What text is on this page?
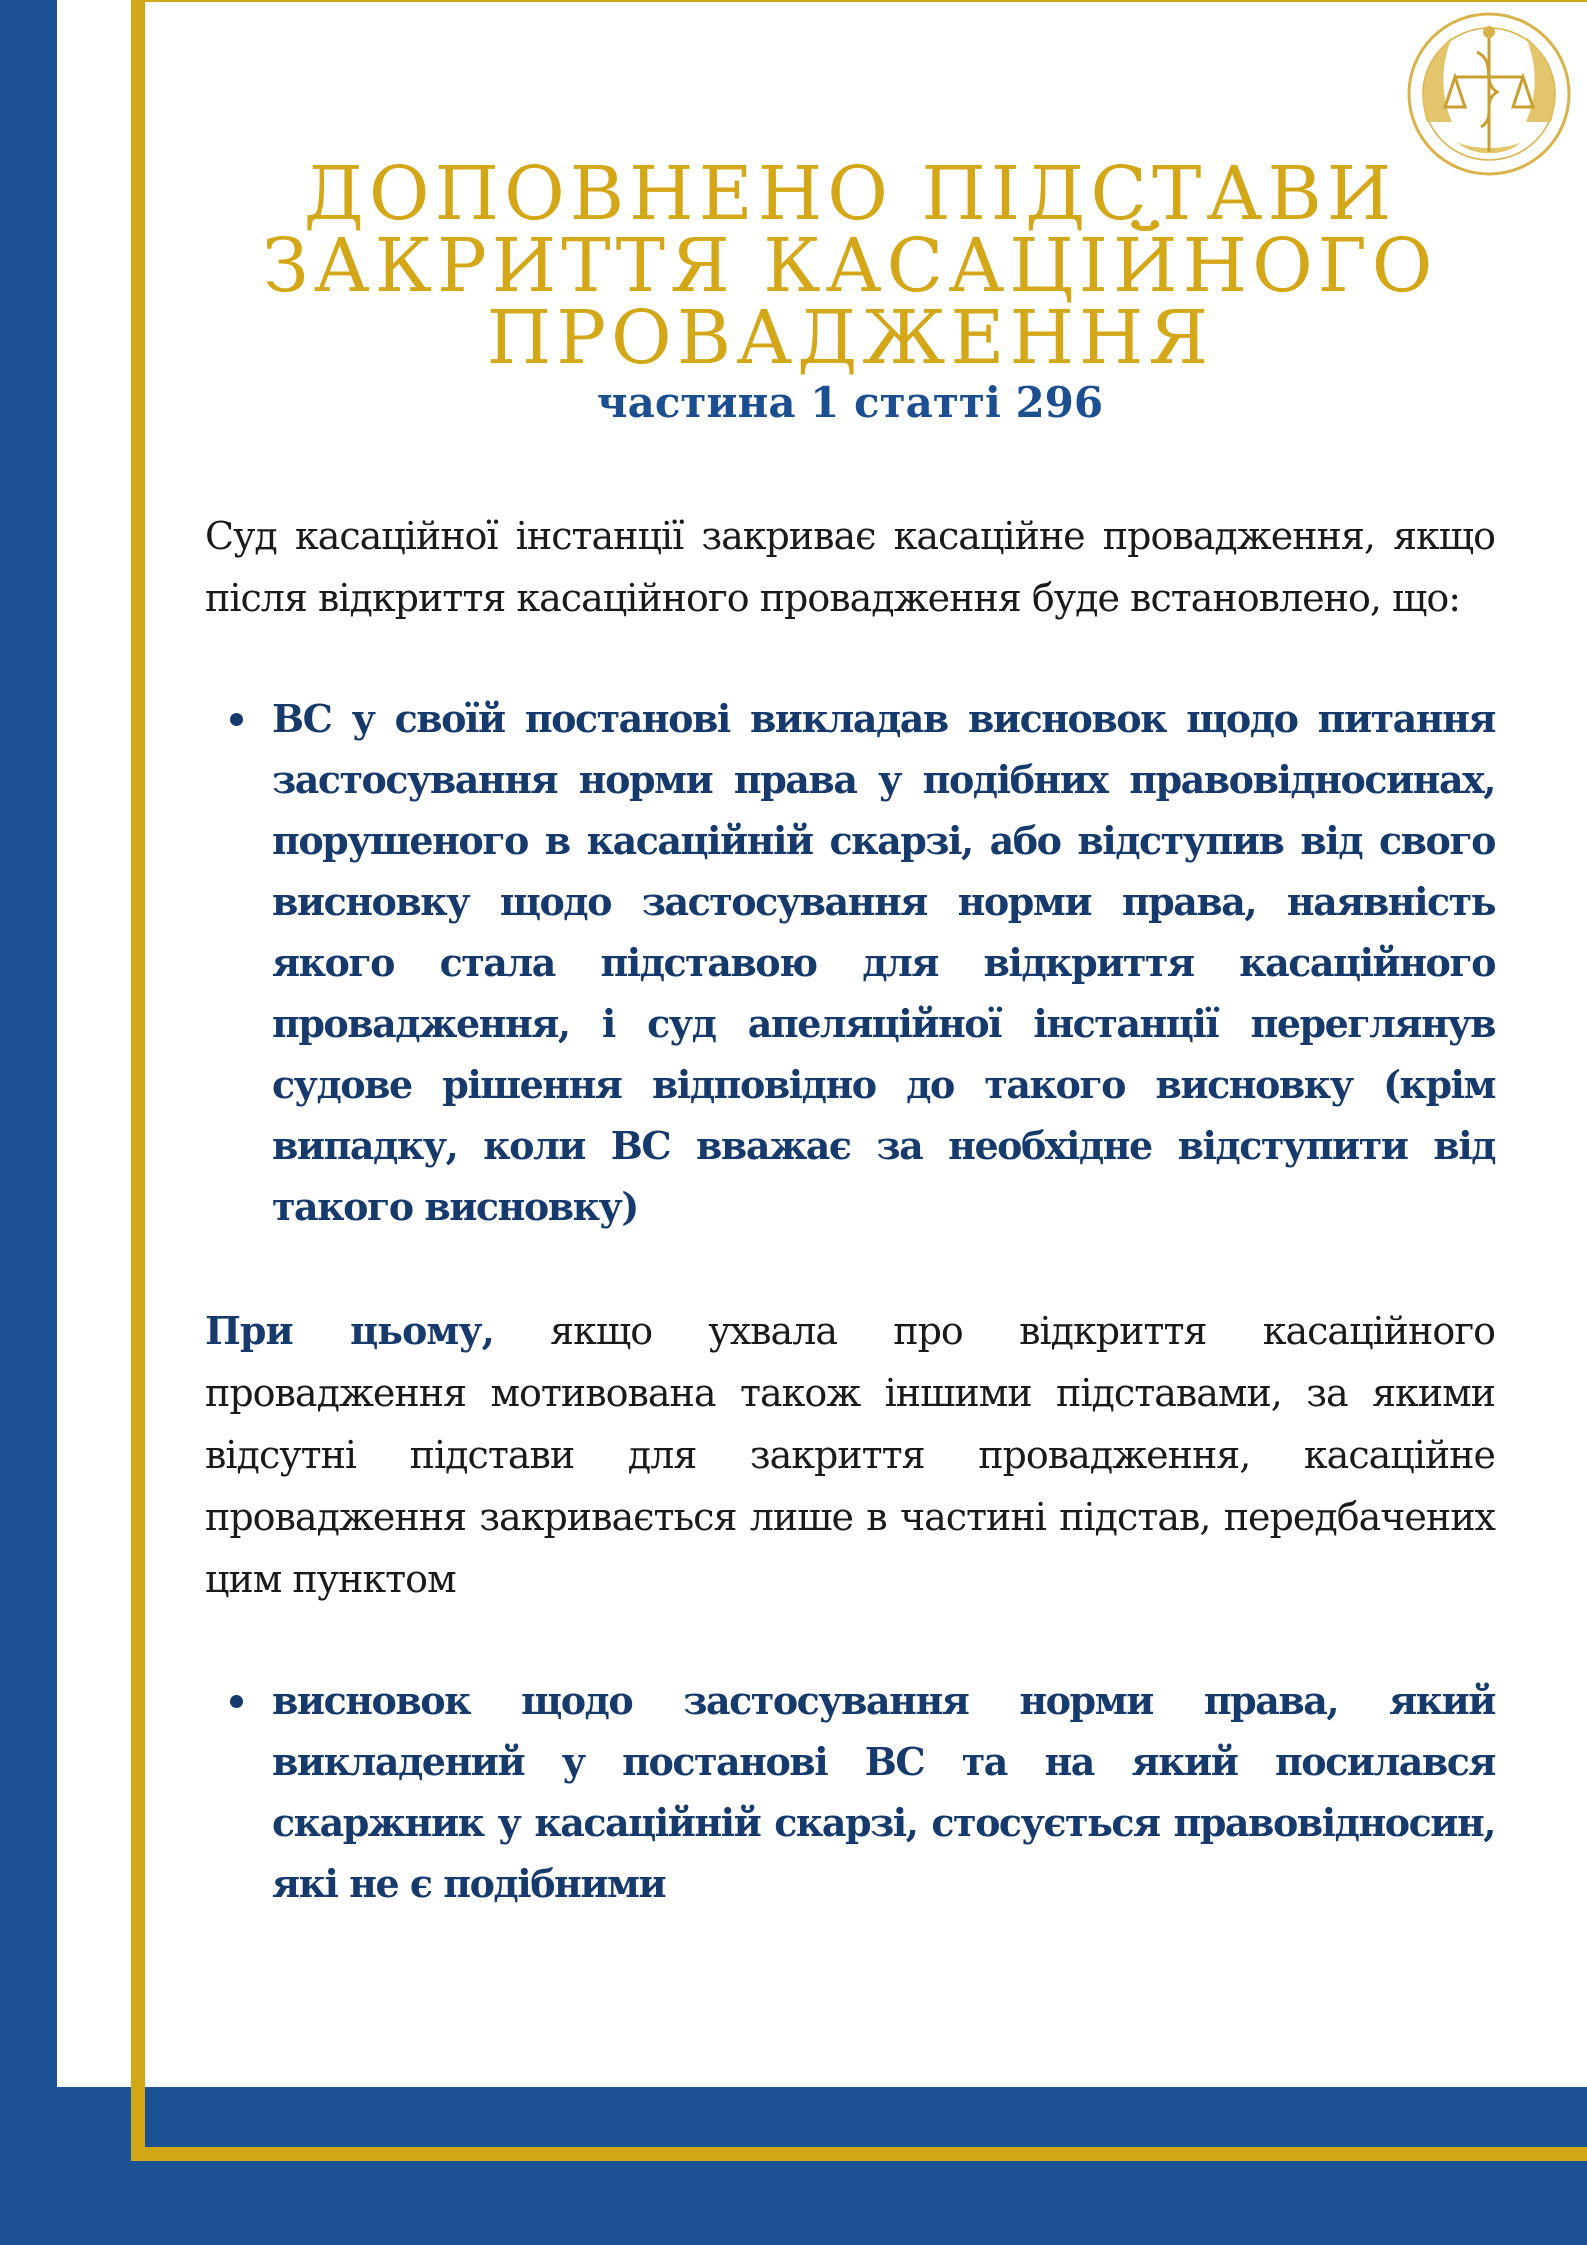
ДОПОВНЕНО ПІДСТАВИ
ЗАКРИТТЯ КАСАЦІЙНОГО
ПРОВАДЖЕННЯ

частина 1 статті 296

Суд касаційної інстанції закриває касаційне провадження, якщо після відкриття касаційного провадження буде встановлено, що:

ВС у своїй постанові викладав висновок щодо питання застосування норми права у подібних правовідносинах, порушеного в касаційній скарзі, або відступив від свого висновку щодо застосування норми права, наявність якого стала підставою для відкриття касаційного провадження, і суд апеляційної інстанції переглянув судове рішення відповідно до такого висновку (крім випадку, коли ВС вважає за необхідне відступити від такого висновку)

При цьому, якщо ухвала про відкриття касаційного провадження мотивована також іншими підставами, за якими відсутні підстави для закриття провадження, касаційне провадження закривається лише в частині підстав, передбачених цим пунктом

висновок щодо застосування норми права, який викладений у постанові ВС та на який посилався скаржник у касаційній скарзі, стосується правовідносин, які не є подібними
